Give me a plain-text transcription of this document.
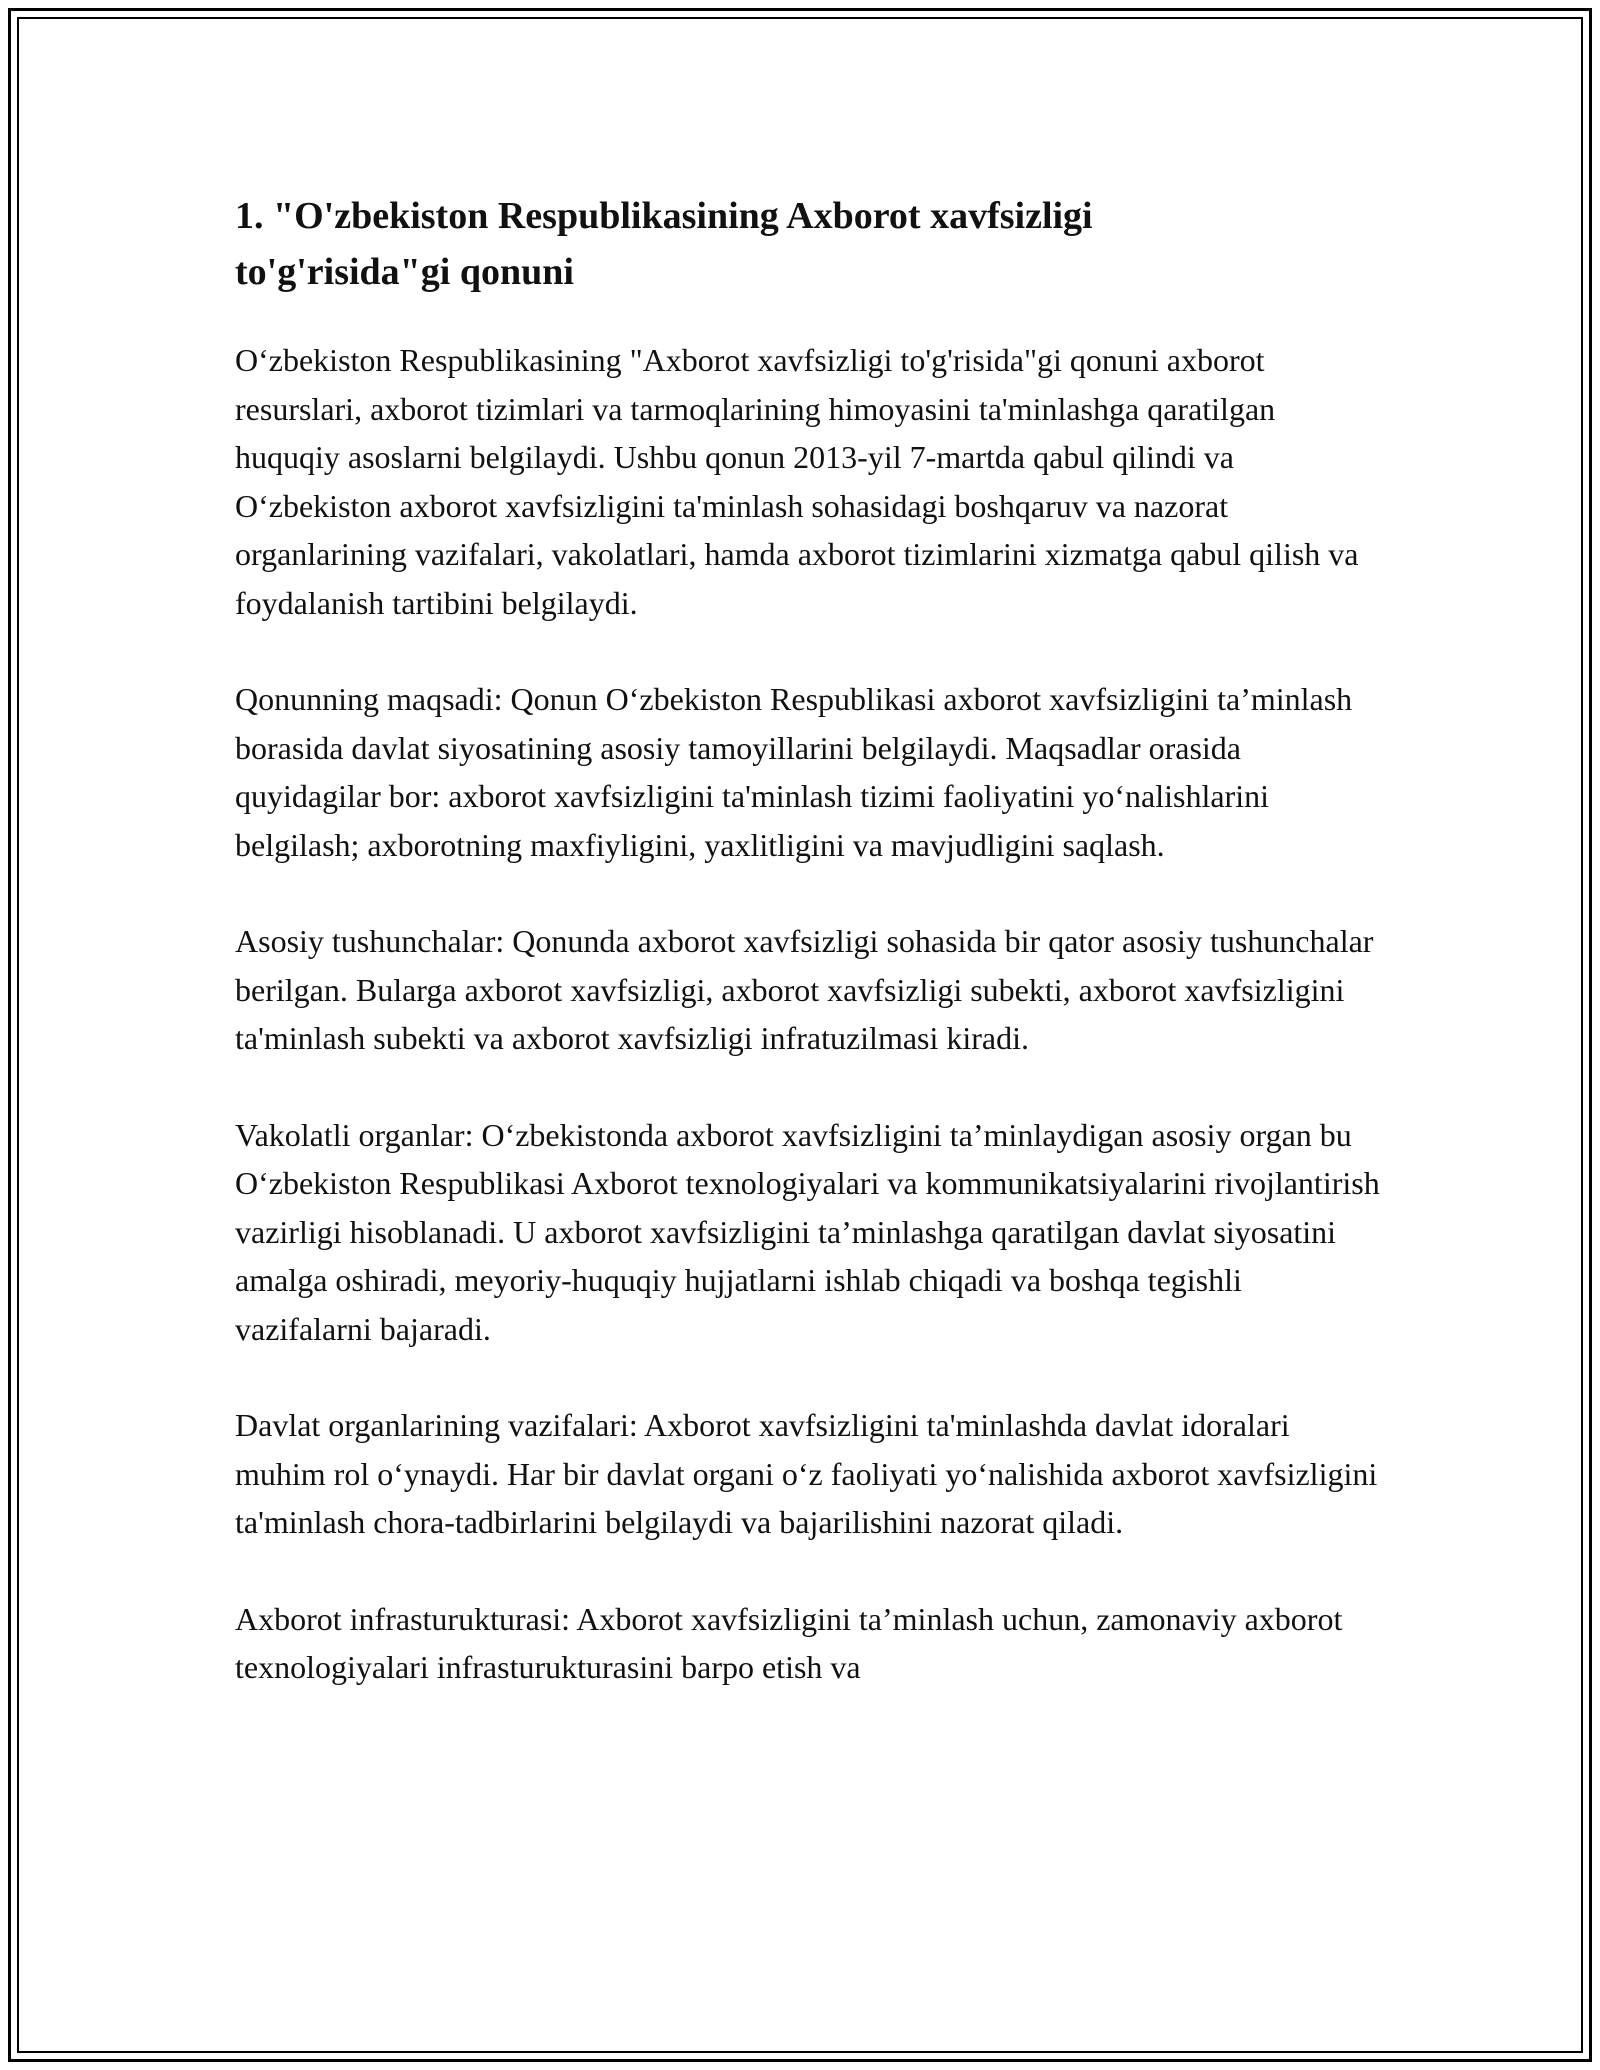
1. "O'zbekiston Respublikasining Axborot xavfsizligi to'g'risida"gi qonuni

O‘zbekiston Respublikasining "Axborot xavfsizligi to'g'risida"gi qonuni axborot resurslari, axborot tizimlari va tarmoqlarining himoyasini ta'minlashga qaratilgan huquqiy asoslarni belgilaydi. Ushbu qonun 2013-yil 7-martda qabul qilindi va O‘zbekiston axborot xavfsizligini ta'minlash sohasidagi boshqaruv va nazorat organlarining vazifalari, vakolatlari, hamda axborot tizimlarini xizmatga qabul qilish va foydalanish tartibini belgilaydi.

Qonunning maqsadi: Qonun O‘zbekiston Respublikasi axborot xavfsizligini ta’minlash borasida davlat siyosatining asosiy tamoyillarini belgilaydi. Maqsadlar orasida quyidagilar bor: axborot xavfsizligini ta'minlash tizimi faoliyatini yo‘nalishlarini belgilash; axborotning maxfiyligini, yaxlitligini va mavjudligini saqlash.

Asosiy tushunchalar: Qonunda axborot xavfsizligi sohasida bir qator asosiy tushunchalar berilgan. Bularga axborot xavfsizligi, axborot xavfsizligi subekti, axborot xavfsizligini ta'minlash subekti va axborot xavfsizligi infratuzilmasi kiradi.

Vakolatli organlar: O‘zbekistonda axborot xavfsizligini ta’minlaydigan asosiy organ bu O‘zbekiston Respublikasi Axborot texnologiyalari va kommunikatsiyalarini rivojlantirish vazirligi hisoblanadi. U axborot xavfsizligini ta’minlashga qaratilgan davlat siyosatini amalga oshiradi, meyoriy-huquqiy hujjatlarni ishlab chiqadi va boshqa tegishli vazifalarni bajaradi.

Davlat organlarining vazifalari: Axborot xavfsizligini ta'minlashda davlat idoralari muhim rol o‘ynaydi. Har bir davlat organi o‘z faoliyati yo‘nalishida axborot xavfsizligini ta'minlash chora-tadbirlarini belgilaydi va bajarilishini nazorat qiladi.

Axborot infrasturukturasi: Axborot xavfsizligini ta’minlash uchun, zamonaviy axborot texnologiyalari infrasturukturasini barpo etish va
